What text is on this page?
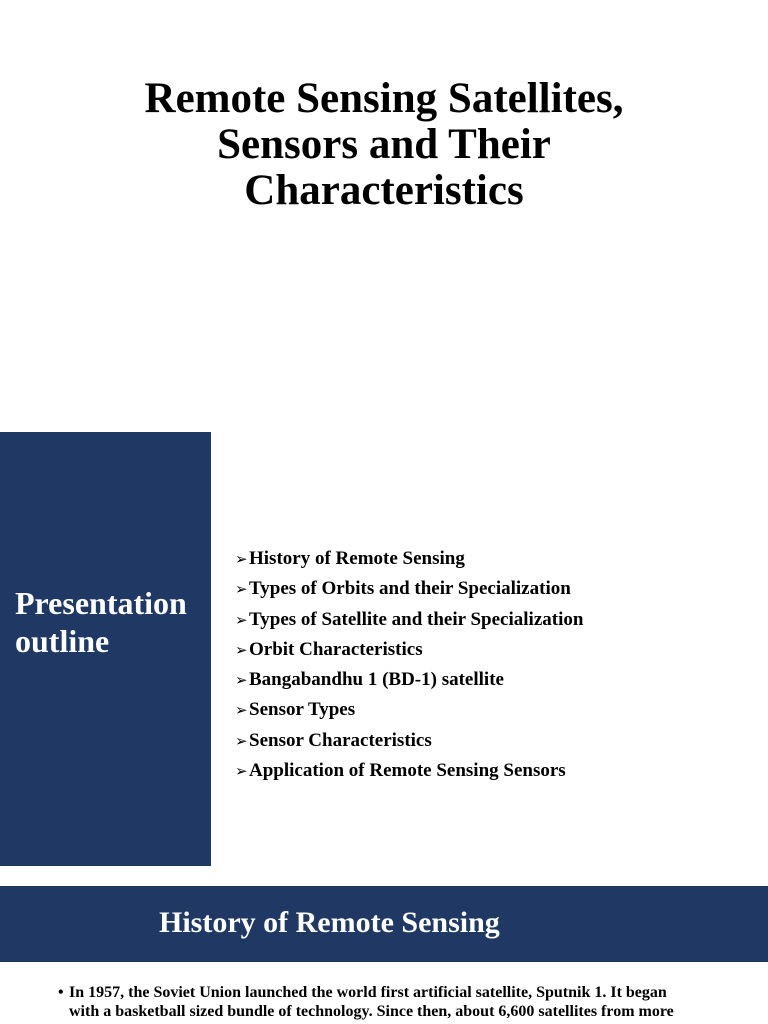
Remote Sensing Satellites,
Sensors and Their
Characteristics
Presentation
outline
➢History of Remote Sensing
➢Types of Orbits and their Specialization
➢Types of Satellite and their Specialization
➢Orbit Characteristics
➢Bangabandhu 1 (BD-1) satellite
➢Sensor Types
➢Sensor Characteristics
➢Application of Remote Sensing Sensors
History of Remote Sensing

• In 1957, the Soviet Union launched the world first artificial satellite, Sputnik 1. It began
with a basketball sized bundle of technology. Since then, about 6,600 satellites from more
